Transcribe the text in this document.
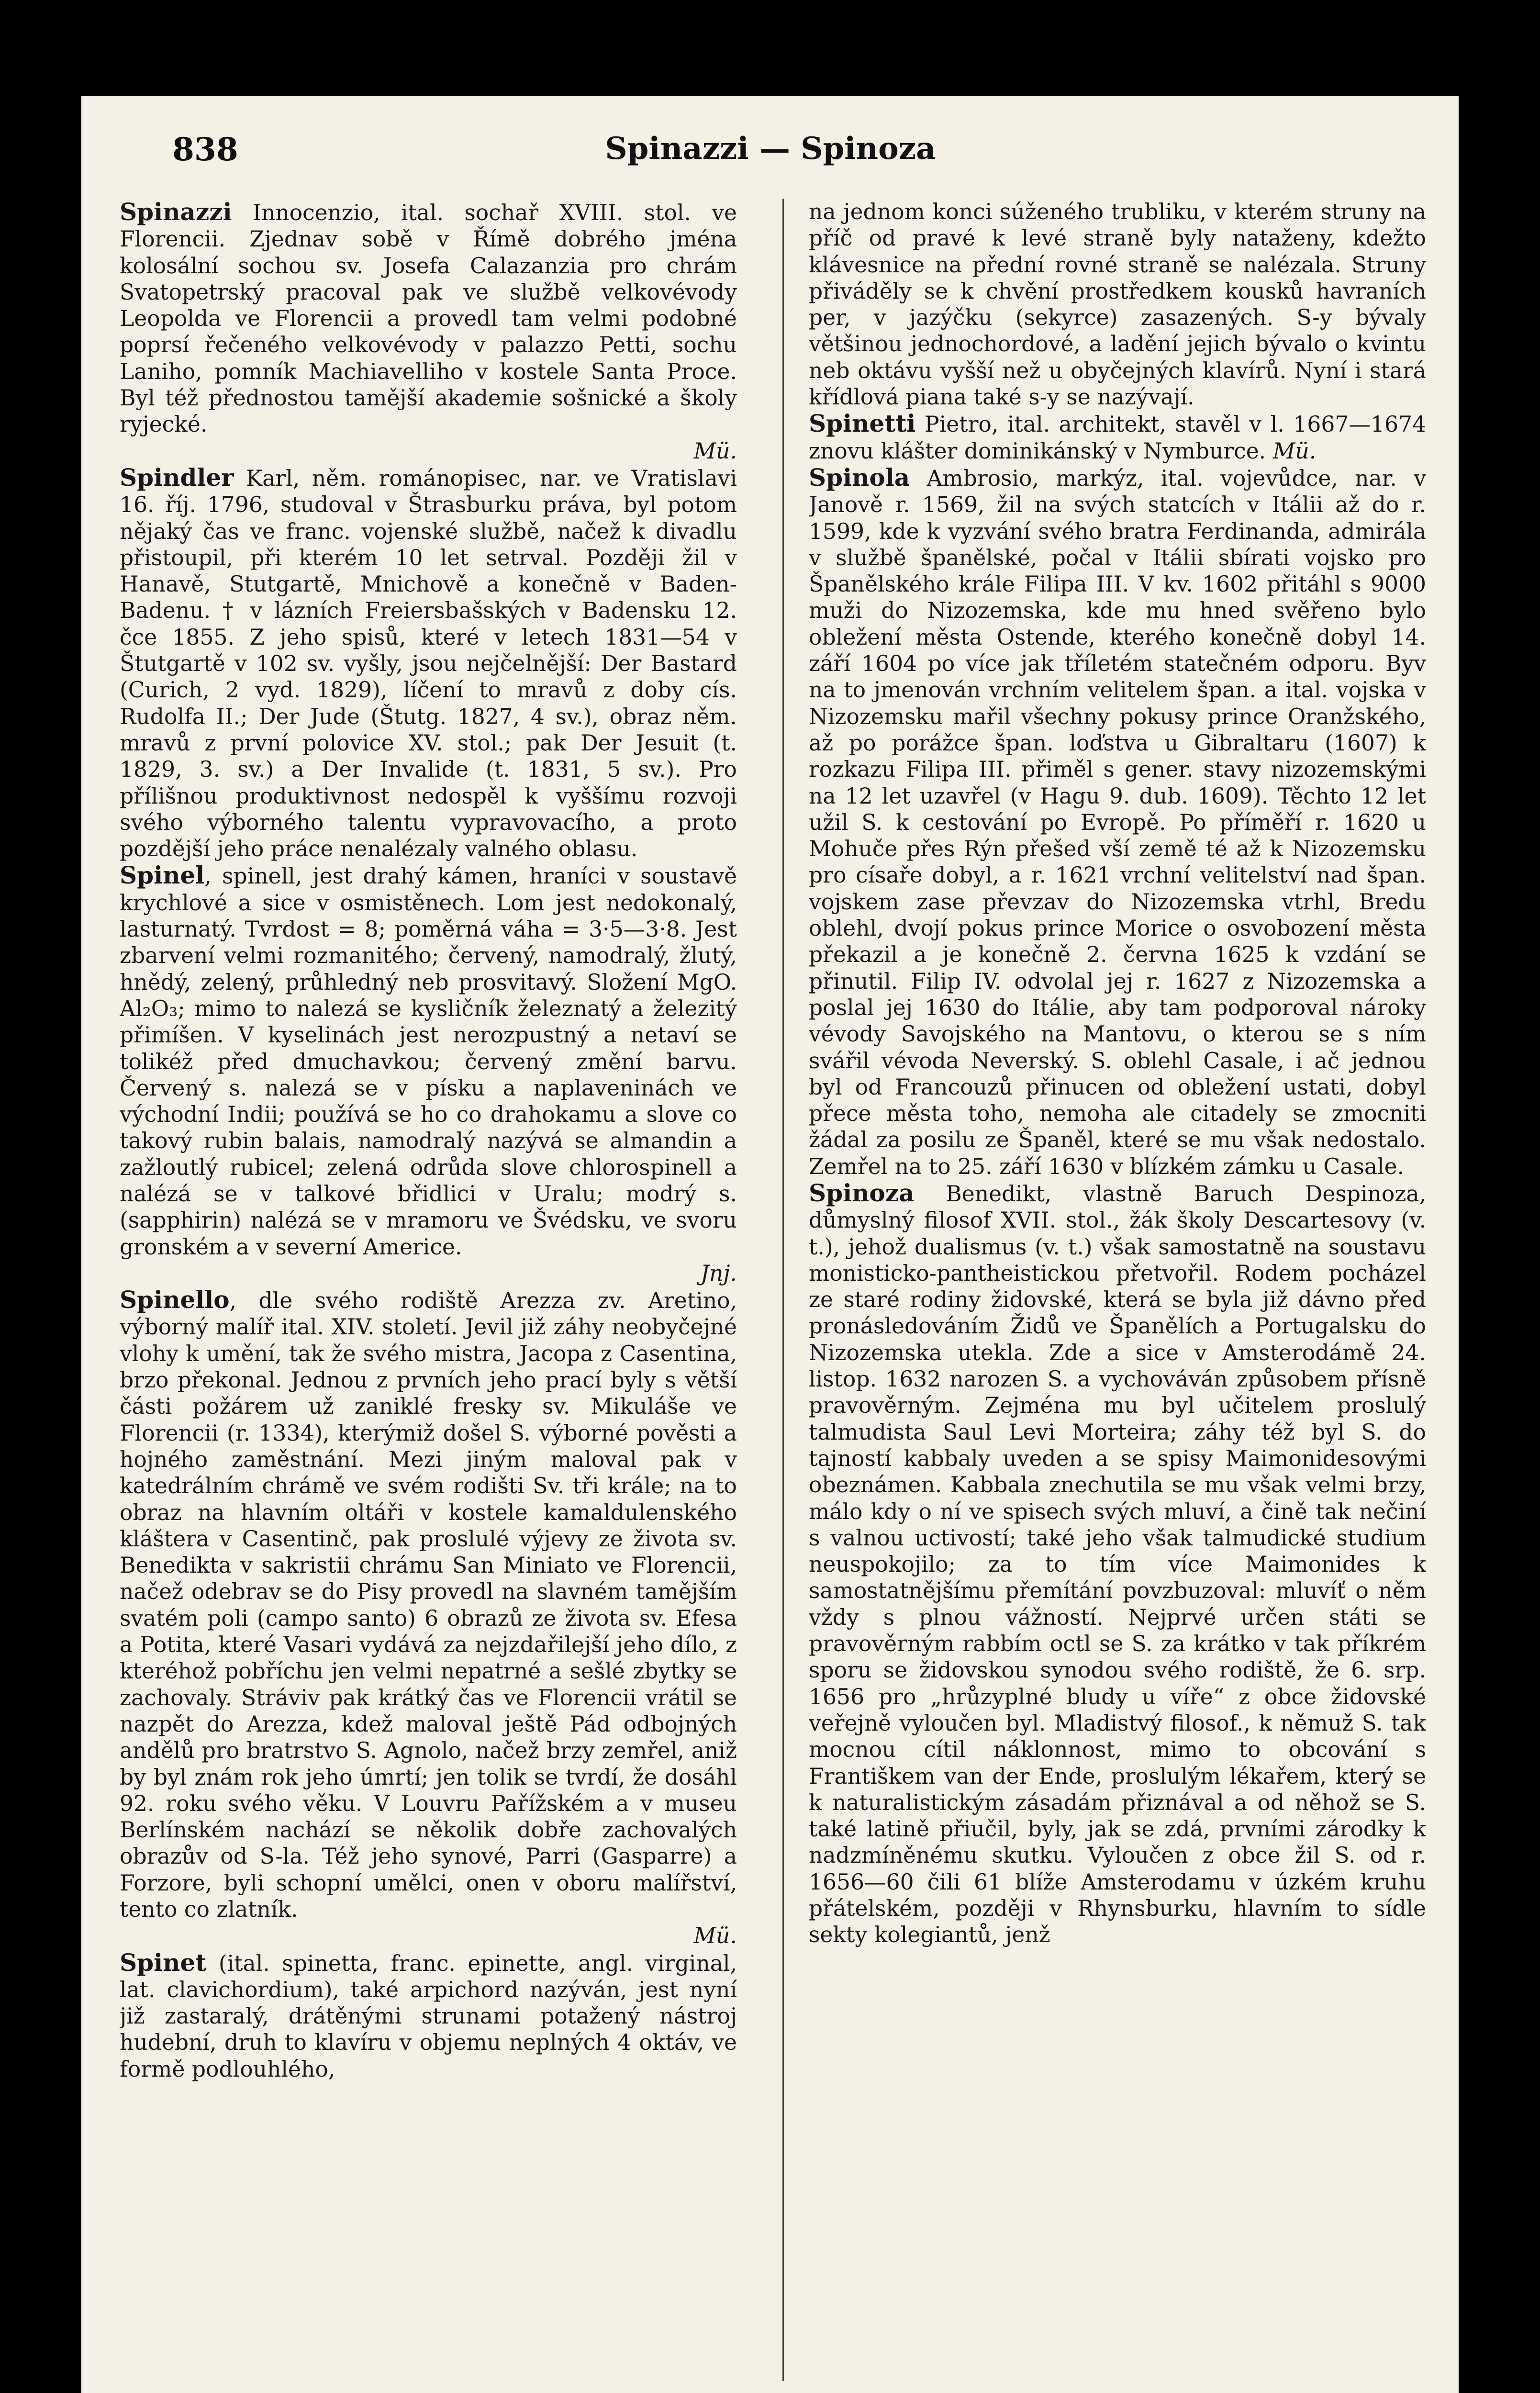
838	Spinazzi — Spinoza

Spinazzi Innocenzio, ital. sochař XVIII. stol. ve Florencii. Zjednav sobě v Římě dobrého jména kolosální sochou sv. Josefa Calazanzia pro chrám Svatopetrský pracoval pak ve službě velkovévody Leopolda ve Florencii a provedl tam velmi podobné poprsí řečeného velkovévody v palazzo Petti, sochu Laniho, pomník Machiavelliho v kostele Santa Proce. Byl též přednostou tamější akademie sošnické a školy ryjecké.
Mü.

Spindler Karl, něm. románopisec, nar. ve Vratislavi 16. říj. 1796, studoval v Štrasburku práva, byl potom nějaký čas ve franc. vojenské službě, načež k divadlu přistoupil, při kterém 10 let setrval. Později žil v Hanavě, Stutgartě, Mnichově a konečně v Baden-Badenu. † v lázních Freiersbašských v Badensku 12. čce 1855. Z jeho spisů, které v letech 1831—54 v Štutgartě v 102 sv. vyšly, jsou nejčelnější: Der Bastard (Curich, 2 vyd. 1829), líčení to mravů z doby cís. Rudolfa II.; Der Jude (Štutg. 1827, 4 sv.), obraz něm. mravů z první polovice XV. stol.; pak Der Jesuit (t. 1829, 3. sv.) a Der Invalide (t. 1831, 5 sv.). Pro přílišnou produktivnost nedospěl k vyššímu rozvoji svého výborného talentu vypravovacího, a proto pozdější jeho práce nenalézaly valného oblasu.

Spinel, spinell, jest drahý kámen, hraníci v soustavě krychlové a sice v osmistěnech. Lom jest nedokonalý, lasturnatý. Tvrdost = 8; poměrná váha = 3·5—3·8. Jest zbarvení velmi rozmanitého; červený, namodralý, žlutý, hnědý, zelený, průhledný neb prosvitavý. Složení MgO. Al₂O₃; mimo to nalezá se kysličník železnatý a železitý přimíšen. V kyselinách jest nerozpustný a netaví se tolikéž před dmuchavkou; červený změní barvu. Červený s. nalezá se v písku a naplaveninách ve východní Indii; používá se ho co drahokamu a slove co takový rubin balais, namodralý nazývá se almandin a zažloutlý rubicel; zelená odrůda slove chlorospinell a nalézá se v talkové břidlici v Uralu; modrý s. (sapphirin) nalézá se v mramoru ve Švédsku, ve svoru gronském a v severní Americe.
Jnj.

Spinello, dle svého rodiště Arezza zv. Aretino, výborný malíř ital. XIV. století. Jevil již záhy neobyčejné vlohy k umění, tak že svého mistra, Jacopa z Casentina, brzo překonal. Jednou z prvních jeho prací byly s větší části požárem už zaniklé fresky sv. Mikuláše ve Florencii (r. 1334), kterýmiž došel S. výborné pověsti a hojného zaměstnání. Mezi jiným maloval pak v katedrálním chrámě ve svém rodišti Sv. tři krále; na to obraz na hlavním oltáři v kostele kamaldulenského kláštera v Casentinč, pak proslulé výjevy ze života sv. Benedikta v sakristii chrámu San Miniato ve Florencii, načež odebrav se do Pisy provedl na slavném tamějším svatém poli (campo santo) 6 obrazů ze života sv. Efesa a Potita, které Vasari vydává za nejzdařilejší jeho dílo, z kteréhož pobříchu jen velmi nepatrné a sešlé zbytky se zachovaly. Stráviv pak krátký čas ve Florencii vrátil se nazpět do Arezza, kdež maloval ještě Pád odbojných andělů pro bratrstvo S. Agnolo, načež brzy zemřel, aniž by byl znám rok jeho úmrtí; jen tolik se tvrdí, že dosáhl 92. roku svého věku. V Louvru Pařížském a v museu Berlínském nachází se několik dobře zachovalých obrazův od S-la. Též jeho synové, Parri (Gasparre) a Forzore, byli schopní umělci, onen v oboru malířství, tento co zlatník.
Mü.

Spinet (ital. spinetta, franc. epinette, angl. virginal, lat. clavichordium), také arpichord nazýván, jest nyní již zastaralý, drátěnými strunami potažený nástroj hudební, druh to klavíru v objemu neplných 4 oktáv, ve formě podlouhlého,

na jednom konci súženého trubliku, v kterém struny na příč od pravé k levé straně byly nataženy, kdežto klávesnice na přední rovné straně se nalézala. Struny přiváděly se k chvění prostředkem kousků havraních per, v jazýčku (sekyrce) zasazených. S-y bývaly většinou jednochordové, a ladění jejich bývalo o kvintu neb oktávu vyšší než u obyčejných klavírů. Nyní i stará křídlová piana také s-y se nazývají.

Spinetti Pietro, ital. architekt, stavěl v l. 1667—1674 znovu klášter dominikánský v Nymburce. Mü.

Spinola Ambrosio, markýz, ital. vojevůdce, nar. v Janově r. 1569, žil na svých statcích v Itálii až do r. 1599, kde k vyzvání svého bratra Ferdinanda, admirála v službě španělské, počal v Itálii sbírati vojsko pro Španělského krále Filipa III. V kv. 1602 přitáhl s 9000 muži do Nizozemska, kde mu hned svěřeno bylo obležení města Ostende, kterého konečně dobyl 14. září 1604 po více jak tříletém statečném odporu. Byv na to jmenován vrchním velitelem špan. a ital. vojska v Nizozemsku mařil všechny pokusy prince Oranžského, až po porážce špan. loďstva u Gibraltaru (1607) k rozkazu Filipa III. přiměl s gener. stavy nizozemskými na 12 let uzavřel (v Hagu 9. dub. 1609). Těchto 12 let užil S. k cestování po Evropě. Po příměří r. 1620 u Mohuče přes Rýn přešed vší země té až k Nizozemsku pro císaře dobyl, a r. 1621 vrchní velitelství nad špan. vojskem zase převzav do Nizozemska vtrhl, Bredu oblehl, dvojí pokus prince Morice o osvobození města překazil a je konečně 2. června 1625 k vzdání se přinutil. Filip IV. odvolal jej r. 1627 z Nizozemska a poslal jej 1630 do Itálie, aby tam podporoval nároky vévody Savojského na Mantovu, o kterou se s ním svářil vévoda Neverský. S. oblehl Casale, i ač jednou byl od Francouzů přinucen od obležení ustati, dobyl přece města toho, nemoha ale citadely se zmocniti žádal za posilu ze Španěl, které se mu však nedostalo. Zemřel na to 25. září 1630 v blízkém zámku u Casale.

Spinoza Benedikt, vlastně Baruch Despinoza, důmyslný filosof XVII. stol., žák školy Descartesovy (v. t.), jehož dualismus (v. t.) však samostatně na soustavu monisticko-pantheistickou přetvořil. Rodem pocházel ze staré rodiny židovské, která se byla již dávno před pronásledováním Židů ve Španělích a Portugalsku do Nizozemska utekla. Zde a sice v Amsterodámě 24. listop. 1632 narozen S. a vychováván způsobem přísně pravověrným. Zejména mu byl učitelem proslulý talmudista Saul Levi Morteira; záhy též byl S. do tajností kabbaly uveden a se spisy Maimonidesovými obeznámen. Kabbala znechutila se mu však velmi brzy, málo kdy o ní ve spisech svých mluví, a čině tak nečiní s valnou uctivostí; také jeho však talmudické studium neuspokojilo; za to tím více Maimonides k samostatnějšímu přemítání povzbuzoval: mluvíť o něm vždy s plnou vážností. Nejprvé určen státi se pravověrným rabbím octl se S. za krátko v tak příkrém sporu se židovskou synodou svého rodiště, že 6. srp. 1656 pro „hrůzyplné bludy u víře“ z obce židovské veřejně vyloučen byl. Mladistvý filosof., k němuž S. tak mocnou cítil náklonnost, mimo to obcování s Františkem van der Ende, proslulým lékařem, který se k naturalistickým zásadám přiznával a od něhož se S. také latině přiučil, byly, jak se zdá, prvními zárodky k nadzmíněnému skutku. Vyloučen z obce žil S. od r. 1656—60 čili 61 blíže Amsterodamu v úzkém kruhu přátelském, později v Rhynsburku, hlavním to sídle sekty kolegiantů, jenž
